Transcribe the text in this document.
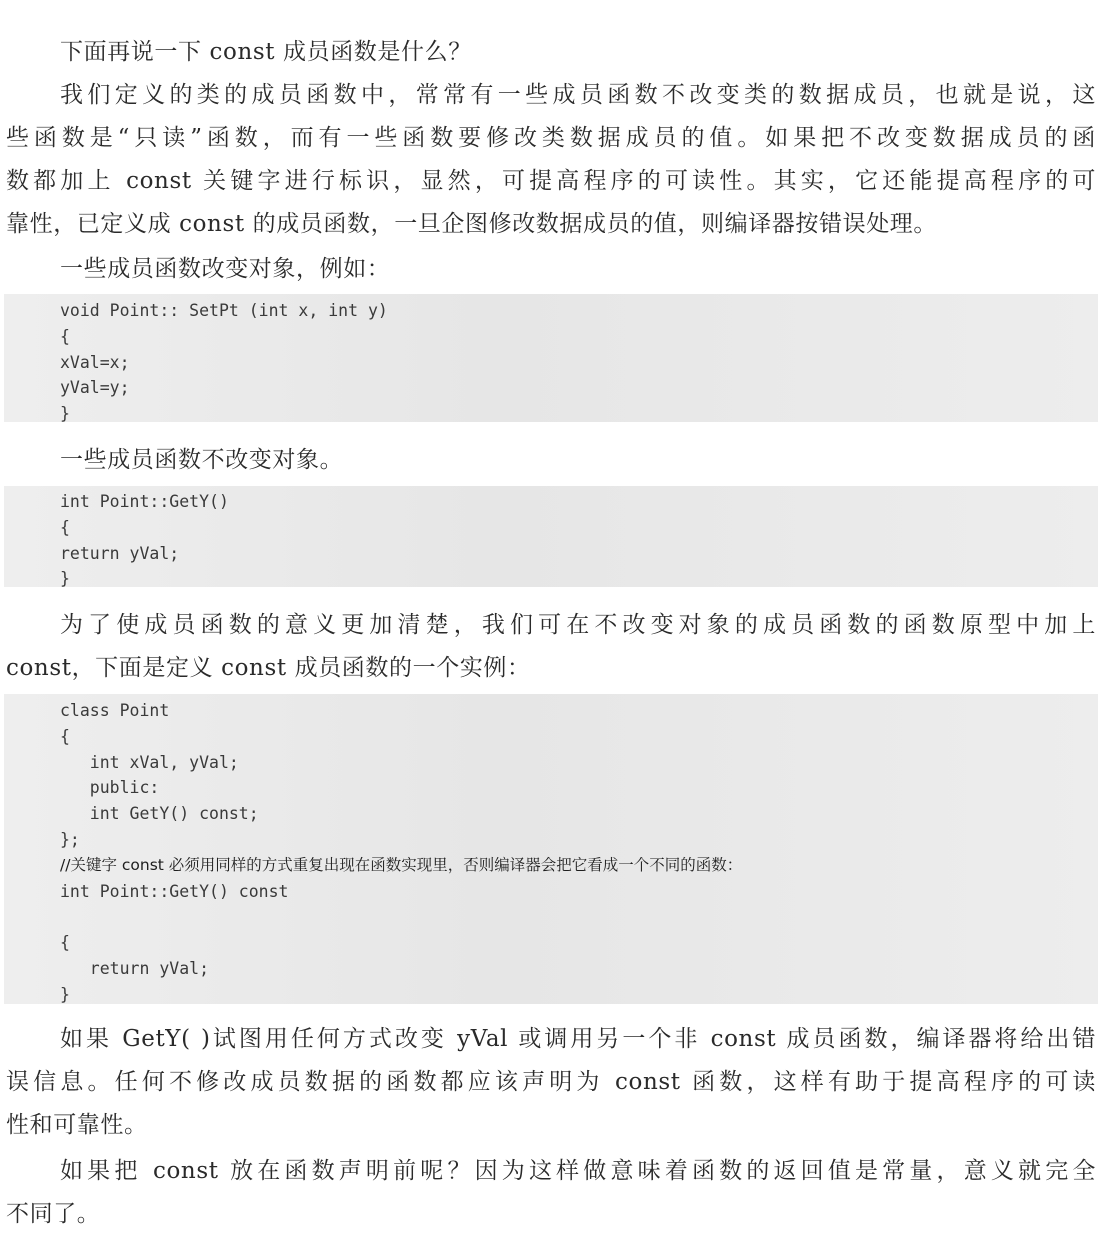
下面再说一下 const 成员函数是什么？
我们定义的类的成员函数中，常常有一些成员函数不改变类的数据成员，也就是说，这
些函数是“只读”函数，而有一些函数要修改类数据成员的值。如果把不改变数据成员的函
数都加上 const 关键字进行标识，显然，可提高程序的可读性。其实，它还能提高程序的可
靠性，已定义成 const 的成员函数，一旦企图修改数据成员的值，则编译器按错误处理。
一些成员函数改变对象，例如：
void Point:: SetPt (int x, int y)
{
xVal=x;
yVal=y;
}
一些成员函数不改变对象。
int Point::GetY()
{
return yVal;
}
为了使成员函数的意义更加清楚，我们可在不改变对象的成员函数的函数原型中加上
const，下面是定义 const 成员函数的一个实例：
class Point
{
int xVal, yVal;
public:
int GetY() const;
};
//关键字 const 必须用同样的方式重复出现在函数实现里，否则编译器会把它看成一个不同的函数：
int Point::GetY() const
{
return yVal;
}
如果 GetY( )试图用任何方式改变 yVal 或调用另一个非 const 成员函数，编译器将给出错
误信息。任何不修改成员数据的函数都应该声明为 const 函数，这样有助于提高程序的可读
性和可靠性。
如果把 const 放在函数声明前呢？因为这样做意味着函数的返回值是常量，意义就完全
不同了。
